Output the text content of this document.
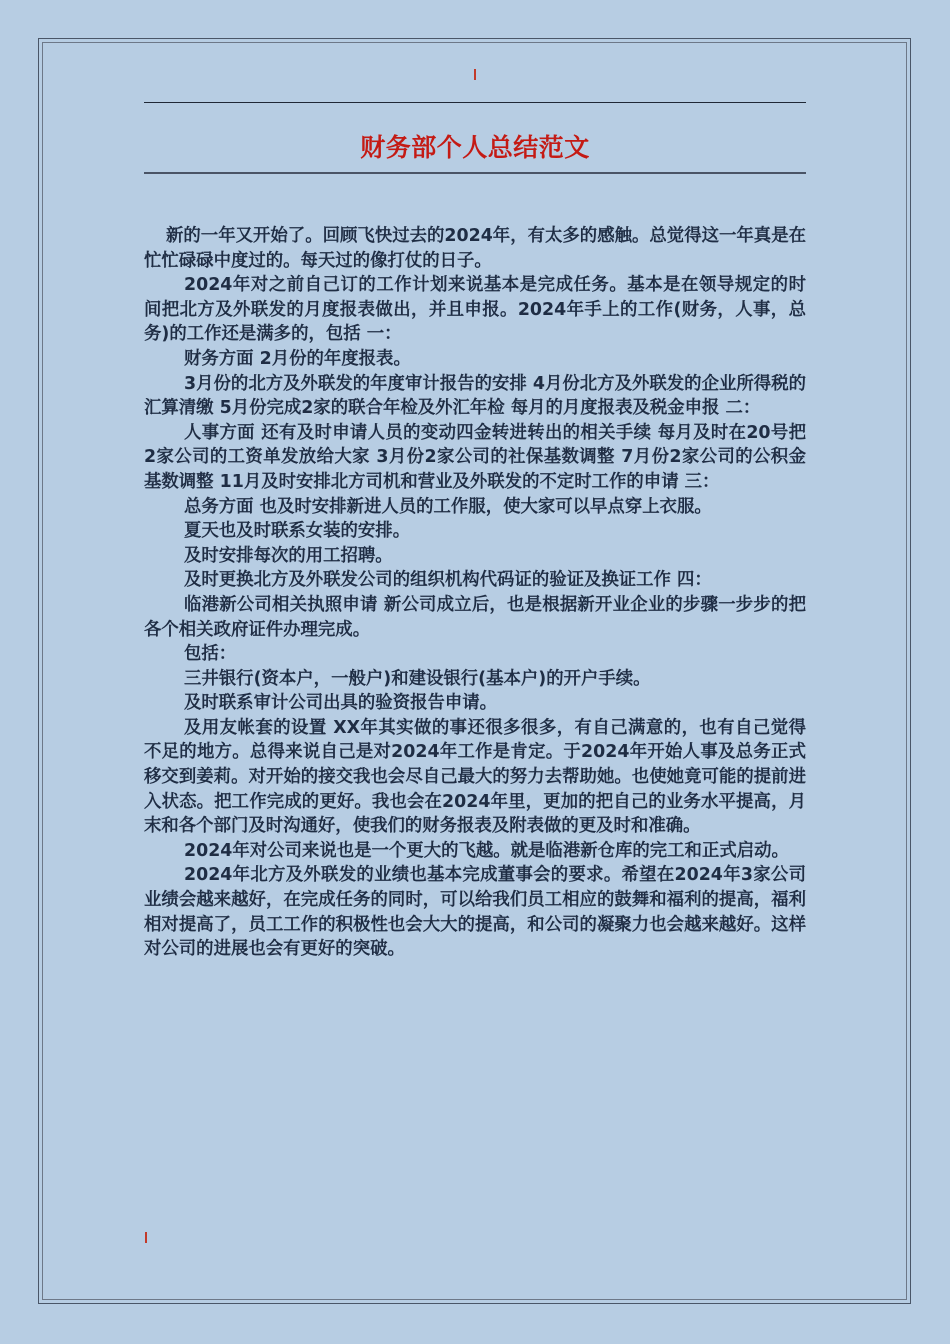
财务部个人总结范文

新的一年又开始了。回顾飞快过去的2024年，有太多的感触。总觉得这一年真是在忙忙碌碌中度过的。每天过的像打仗的日子。

2024年对之前自己订的工作计划来说基本是完成任务。基本是在领导规定的时间把北方及外联发的月度报表做出，并且申报。2024年手上的工作(财务，人事，总务)的工作还是满多的，包括 一：

财务方面 2月份的年度报表。

3月份的北方及外联发的年度审计报告的安排 4月份北方及外联发的企业所得税的汇算清缴 5月份完成2家的联合年检及外汇年检 每月的月度报表及税金申报 二：

人事方面 还有及时申请人员的变动四金转进转出的相关手续 每月及时在20号把2家公司的工资单发放给大家 3月份2家公司的社保基数调整 7月份2家公司的公积金基数调整 11月及时安排北方司机和营业及外联发的不定时工作的申请 三：

总务方面 也及时安排新进人员的工作服，使大家可以早点穿上衣服。

夏天也及时联系女装的安排。

及时安排每次的用工招聘。

及时更换北方及外联发公司的组织机构代码证的验证及换证工作 四：

临港新公司相关执照申请 新公司成立后，也是根据新开业企业的步骤一步步的把各个相关政府证件办理完成。

包括：

三井银行(资本户，一般户)和建设银行(基本户)的开户手续。

及时联系审计公司出具的验资报告申请。

及用友帐套的设置 XX年其实做的事还很多很多，有自己满意的，也有自己觉得不足的地方。总得来说自己是对2024年工作是肯定。于2024年开始人事及总务正式移交到姜莉。对开始的接交我也会尽自己最大的努力去帮助她。也使她竟可能的提前进入状态。把工作完成的更好。我也会在2024年里，更加的把自己的业务水平提高，月末和各个部门及时沟通好，使我们的财务报表及附表做的更及时和准确。

2024年对公司来说也是一个更大的飞越。就是临港新仓库的完工和正式启动。

2024年北方及外联发的业绩也基本完成董事会的要求。希望在2024年3家公司业绩会越来越好，在完成任务的同时，可以给我们员工相应的鼓舞和福利的提高，福利相对提高了，员工工作的积极性也会大大的提高，和公司的凝聚力也会越来越好。这样对公司的进展也会有更好的突破。
